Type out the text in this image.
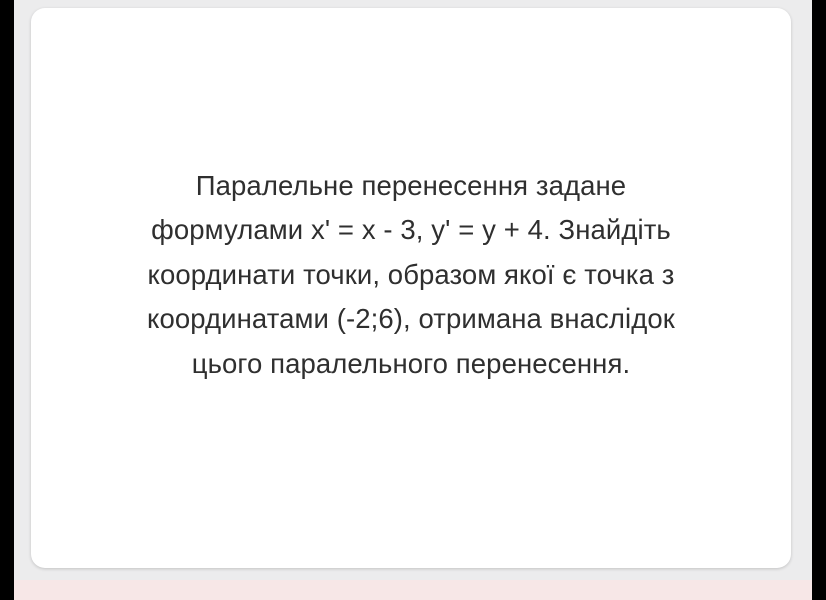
Паралельне перенесення задане
формулами x' = x - 3, y' = y + 4. Знайдіть
координати точки, образом якої є точка з
координатами (-2;6), отримана внаслідок
цього паралельного перенесення.
